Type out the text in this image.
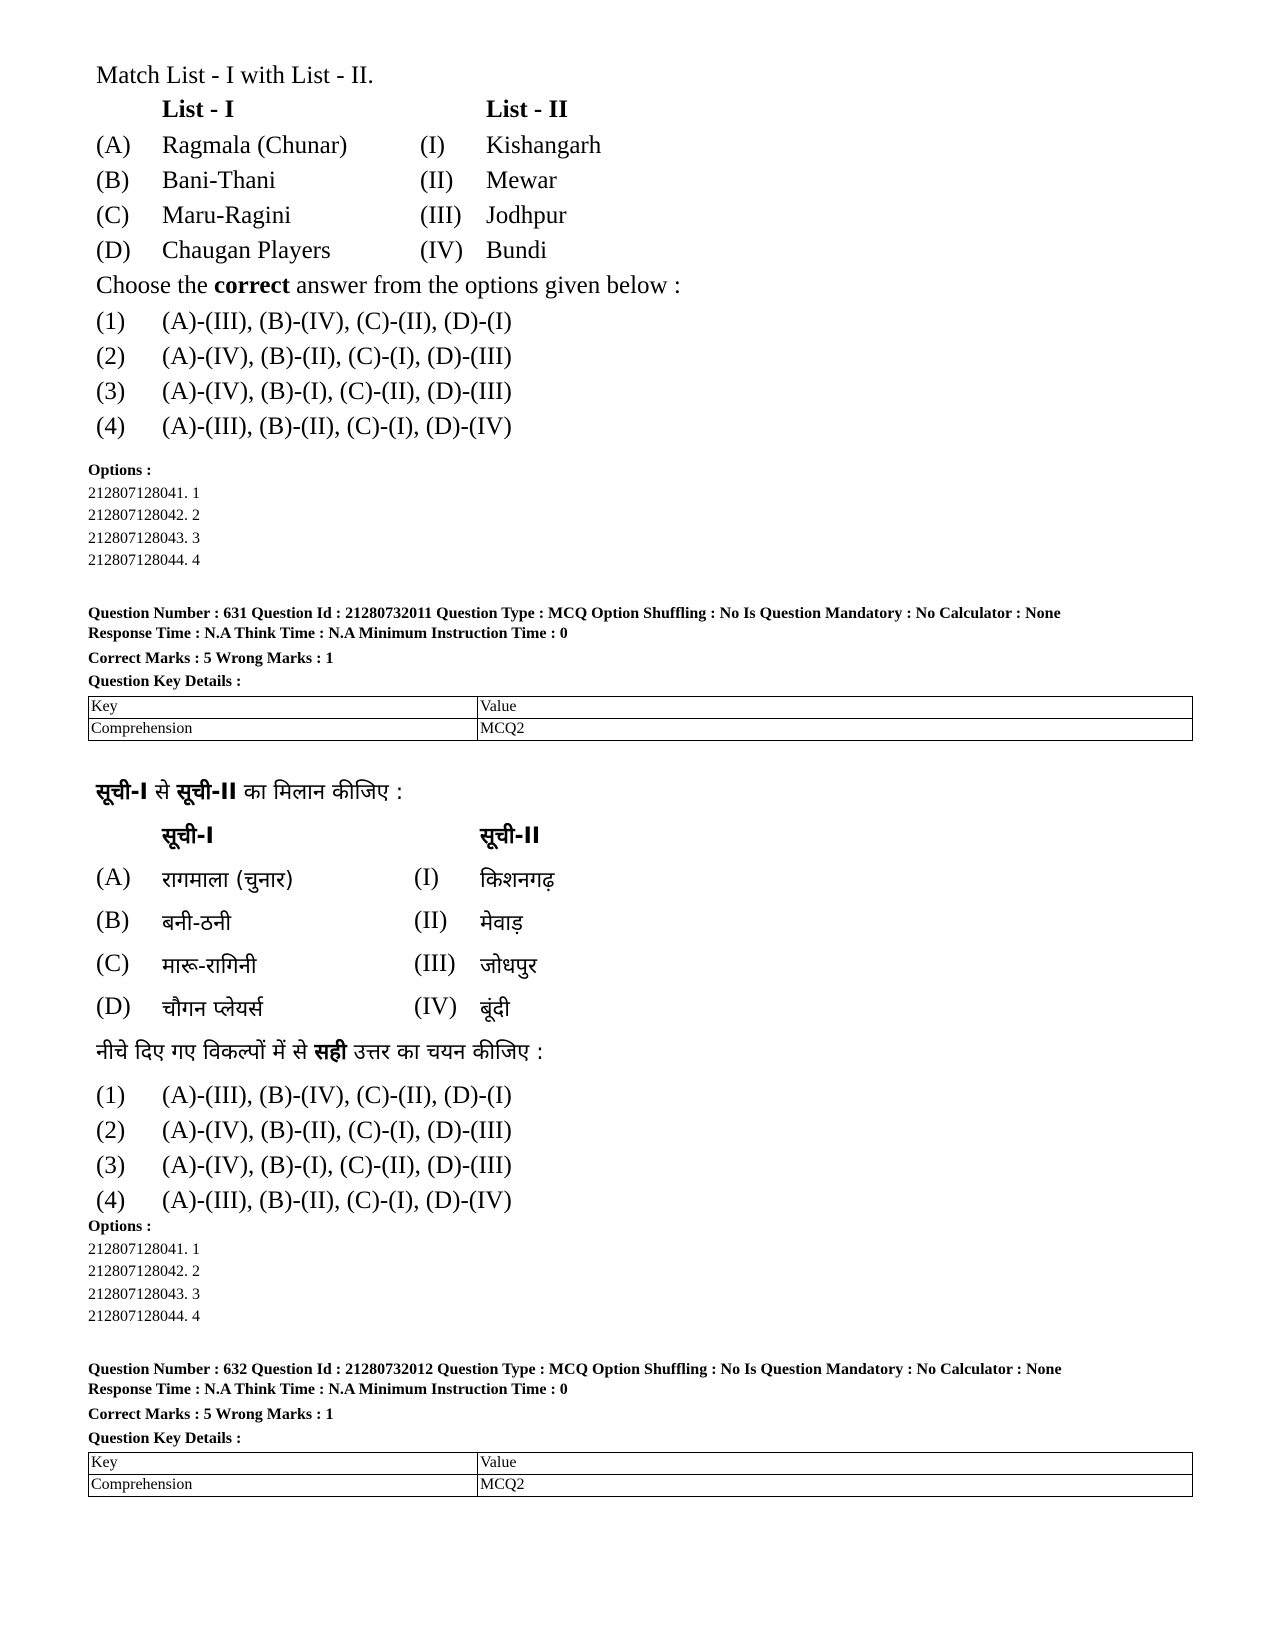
Match List - I with List - II.
List - I	List - II
(A) Ragmala (Chunar)	(I) Kishangarh
(B) Bani-Thani	(II) Mewar
(C) Maru-Ragini	(III) Jodhpur
(D) Chaugan Players	(IV) Bundi
Choose the correct answer from the options given below :
(1) (A)-(III), (B)-(IV), (C)-(II), (D)-(I)
(2) (A)-(IV), (B)-(II), (C)-(I), (D)-(III)
(3) (A)-(IV), (B)-(I), (C)-(II), (D)-(III)
(4) (A)-(III), (B)-(II), (C)-(I), (D)-(IV)
Options :
212807128041. 1
212807128042. 2
212807128043. 3
212807128044. 4
Question Number : 631 Question Id : 21280732011 Question Type : MCQ Option Shuffling : No Is Question Mandatory : No Calculator : None
Response Time : N.A Think Time : N.A Minimum Instruction Time : 0
Correct Marks : 5 Wrong Marks : 1
Question Key Details :
Key	Value
Comprehension	MCQ2
सूची-I से सूची-II का मिलान कीजिए :
सूची-I	सूची-II
(A) रागमाला (चुनार)	(I) किशनगढ़
(B) बनी-ठनी	(II) मेवाड़
(C) मारू-रागिनी	(III) जोधपुर
(D) चौगन प्लेयर्स	(IV) बूंदी
नीचे दिए गए विकल्पों में से सही उत्तर का चयन कीजिए :
(1) (A)-(III), (B)-(IV), (C)-(II), (D)-(I)
(2) (A)-(IV), (B)-(II), (C)-(I), (D)-(III)
(3) (A)-(IV), (B)-(I), (C)-(II), (D)-(III)
(4) (A)-(III), (B)-(II), (C)-(I), (D)-(IV)
Options :
212807128041. 1
212807128042. 2
212807128043. 3
212807128044. 4
Question Number : 632 Question Id : 21280732012 Question Type : MCQ Option Shuffling : No Is Question Mandatory : No Calculator : None
Response Time : N.A Think Time : N.A Minimum Instruction Time : 0
Correct Marks : 5 Wrong Marks : 1
Question Key Details :
Key	Value
Comprehension	MCQ2
